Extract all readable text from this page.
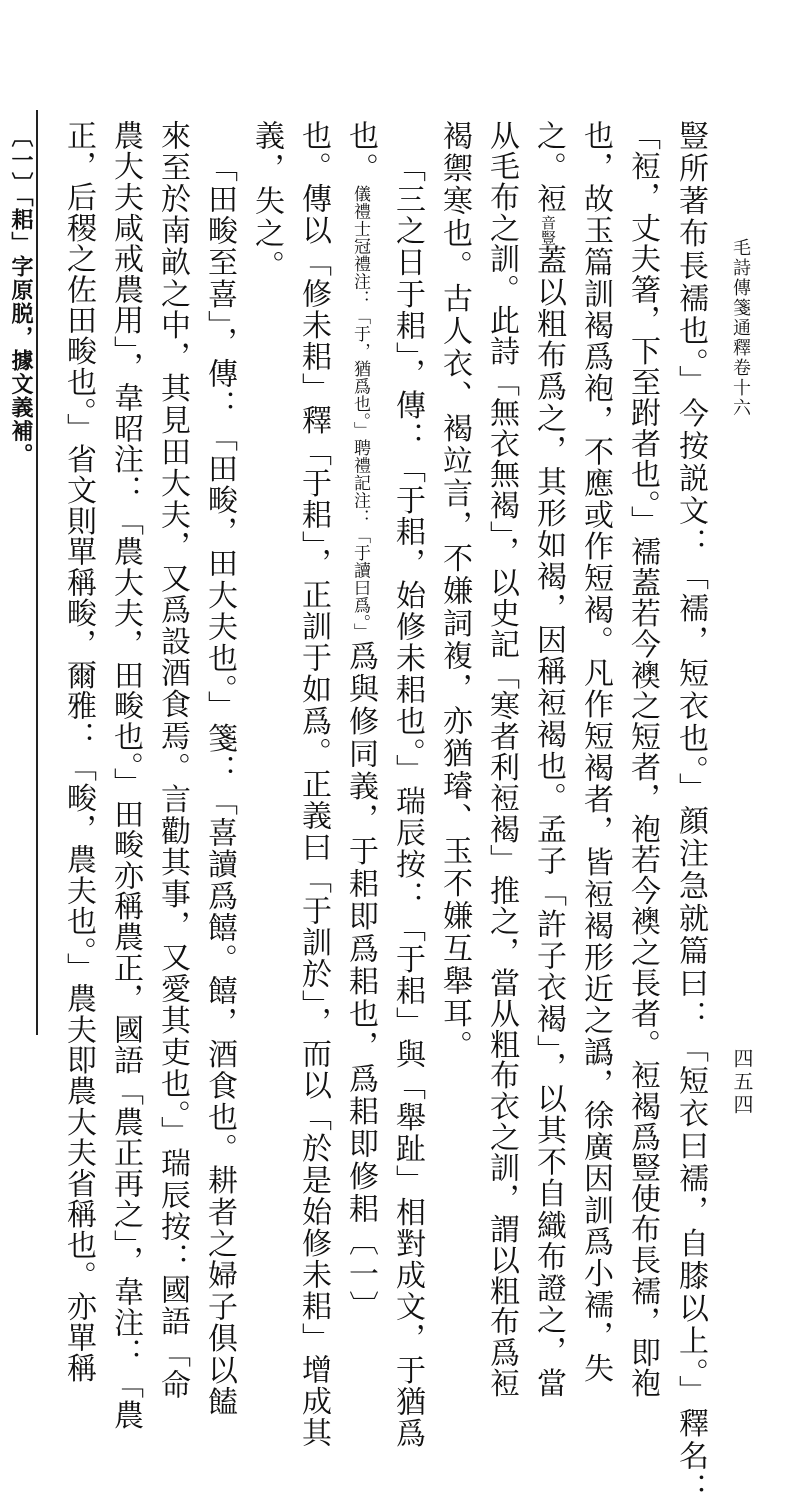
毛詩傳箋通釋卷十六
四五四
豎所著布長襦也。」今按説文：「襦，短衣也。」顔注急就篇曰：「短衣曰襦，自膝以上。」釋名：
「裋，丈夫箸，下至跗者也。」襦蓋若今襖之短者，袍若今襖之長者。裋褐爲豎使布長襦，即袍
也，故玉篇訓褐爲袍，不應或作短褐。凡作短褐者，皆裋褐形近之譌，徐廣因訓爲小襦，失
之。裋音豎蓋以粗布爲之，其形如褐，因稱裋褐也。孟子「許子衣褐」，以其不自織布證之，當
从毛布之訓。此詩「無衣無褐」，以史記「寒者利裋褐」推之，當从粗布衣之訓，謂以粗布爲裋
褐禦寒也。古人衣、褐竝言，不嫌詞複，亦猶璿、玉不嫌互舉耳。
「三之日于耜」，傳：「于耜，始修未耜也。」瑞辰按：「于耜」與「舉趾」相對成文，于猶爲
也。儀禮士冠禮注：「于，猶爲也。」聘禮記注：「于讀曰爲。」爲與修同義，于耜即爲耜也，爲耜即修耜〔一〕
也。傳以「修未耜」釋「于耜」，正訓于如爲。正義曰「于訓於」，而以「於是始修未耜」增成其
義，失之。
「田畯至喜」，傳：「田畯，田大夫也。」箋：「喜讀爲饎。饎，酒食也。耕者之婦子俱以饁
來至於南畝之中，其見田大夫，又爲設酒食焉。言勸其事，又愛其吏也。」瑞辰按：國語「命
農大夫咸戒農用」，韋昭注：「農大夫，田畯也。」田畯亦稱農正，國語「農正再之」，韋注：「農
正，后稷之佐田畯也。」省文則單稱畯，爾雅：「畯，農夫也。」農夫即農大夫省稱也。亦單稱
〔一〕「耜」字原脱，據文義補。
